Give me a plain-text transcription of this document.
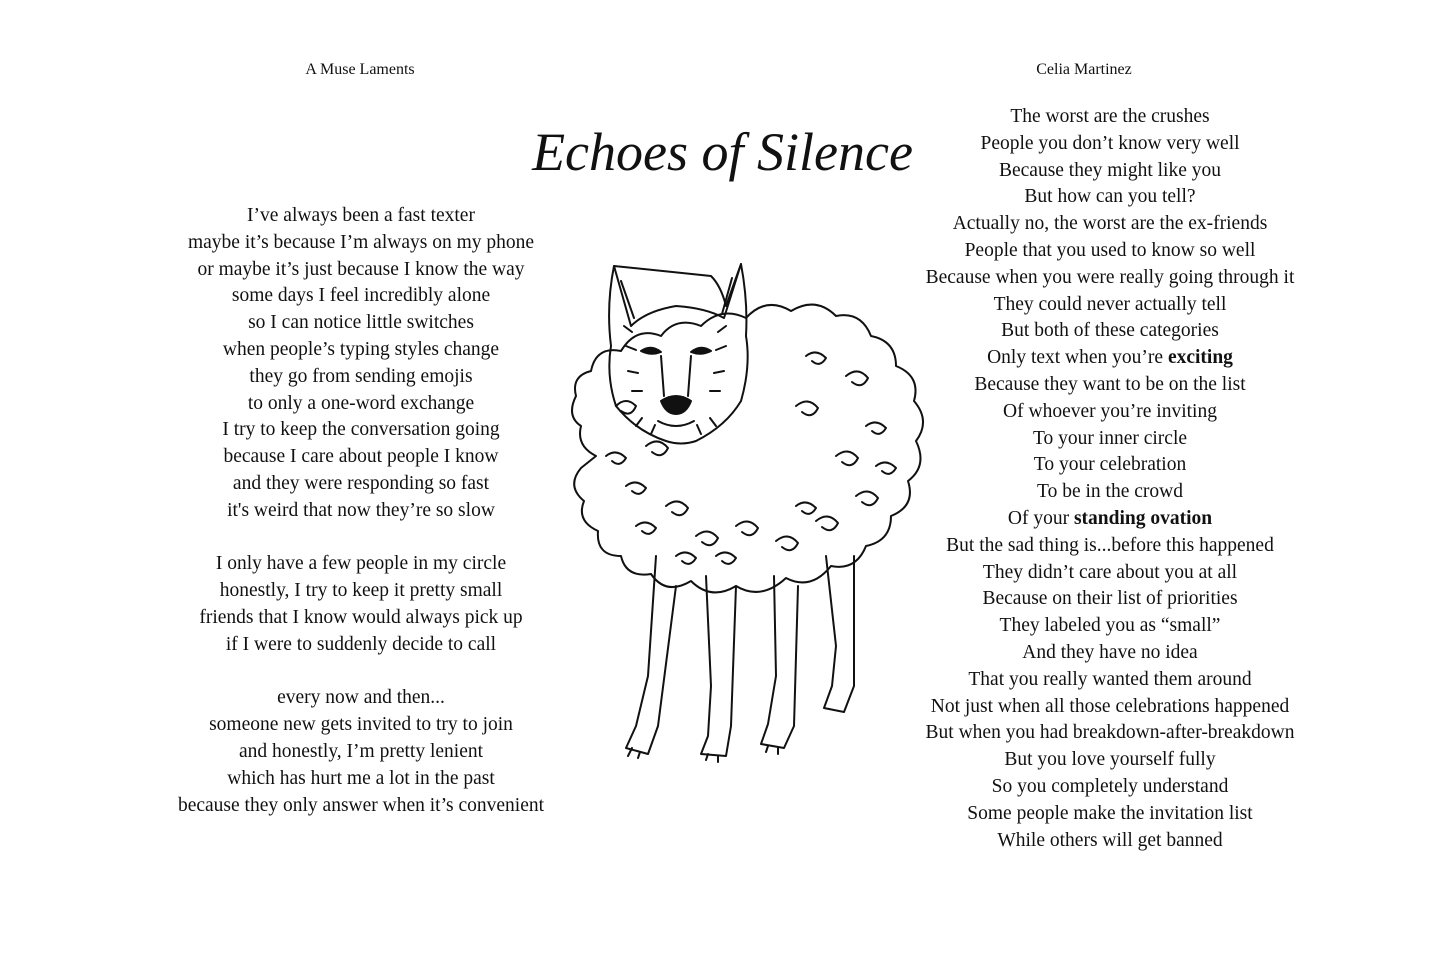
A Muse Laments	Celia Martinez
Echoes of Silence
I’ve always been a fast texter
maybe it’s because I’m always on my phone
or maybe it’s just because I know the way
some days I feel incredibly alone
so I can notice little switches
when people’s typing styles change
they go from sending emojis
to only a one-word exchange
I try to keep the conversation going
because I care about people I know
and they were responding so fast
it's weird that now they’re so slow
I only have a few people in my circle
honestly, I try to keep it pretty small
friends that I know would always pick up
if I were to suddenly decide to call
every now and then...
someone new gets invited to try to join
and honestly, I’m pretty lenient
which has hurt me a lot in the past
because they only answer when it’s convenient
The worst are the crushes
People you don’t know very well
Because they might like you
But how can you tell?
Actually no, the worst are the ex-friends
People that you used to know so well
Because when you were really going through it
They could never actually tell
But both of these categories
Only text when you’re exciting
Because they want to be on the list
Of whoever you’re inviting
To your inner circle
To your celebration
To be in the crowd
Of your standing ovation
But the sad thing is...before this happened
They didn’t care about you at all
Because on their list of priorities
They labeled you as “small”
And they have no idea
That you really wanted them around
Not just when all those celebrations happened
But when you had breakdown-after-breakdown
But you love yourself fully
So you completely understand
Some people make the invitation list
While others will get banned
